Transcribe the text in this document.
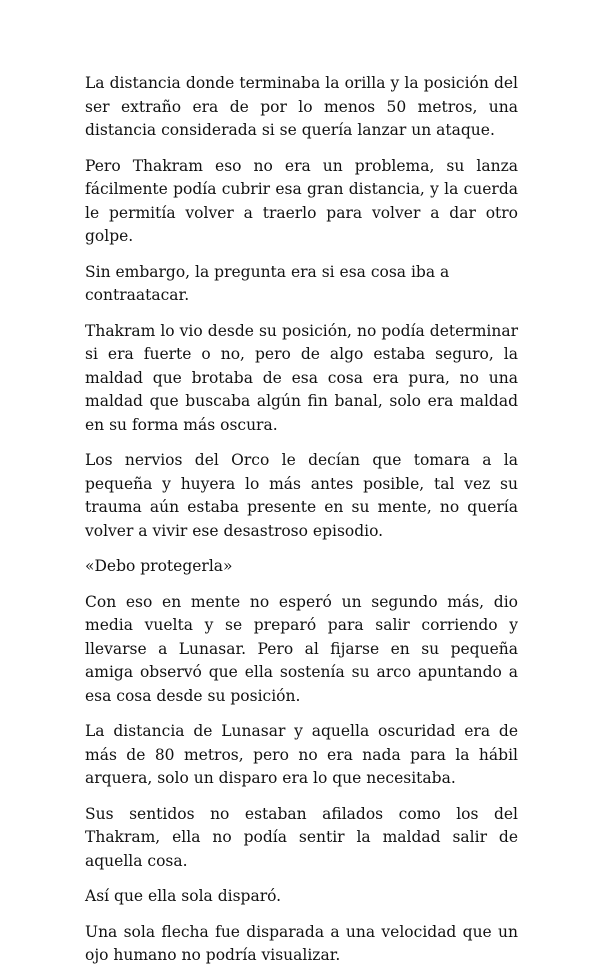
La distancia donde terminaba la orilla y la posición del ser extraño era de por lo menos 50 metros, una distancia considerada si se quería lanzar un ataque.

Pero Thakram eso no era un problema, su lanza fácilmente podía cubrir esa gran distancia, y la cuerda le permitía volver a traerlo para volver a dar otro golpe.

Sin embargo, la pregunta era si esa cosa iba a contraatacar.

Thakram lo vio desde su posición, no podía determinar si era fuerte o no, pero de algo estaba seguro, la maldad que brotaba de esa cosa era pura, no una maldad que buscaba algún fin banal, solo era maldad en su forma más oscura.

Los nervios del Orco le decían que tomara a la pequeña y huyera lo más antes posible, tal vez su trauma aún estaba presente en su mente, no quería volver a vivir ese desastroso episodio.

«Debo protegerla»

Con eso en mente no esperó un segundo más, dio media vuelta y se preparó para salir corriendo y llevarse a Lunasar. Pero al fijarse en su pequeña amiga observó que ella sostenía su arco apuntando a esa cosa desde su posición.

La distancia de Lunasar y aquella oscuridad era de más de 80 metros, pero no era nada para la hábil arquera, solo un disparo era lo que necesitaba.

Sus sentidos no estaban afilados como los del Thakram, ella no podía sentir la maldad salir de aquella cosa.

Así que ella sola disparó.

Una sola flecha fue disparada a una velocidad que un ojo humano no podría visualizar.
